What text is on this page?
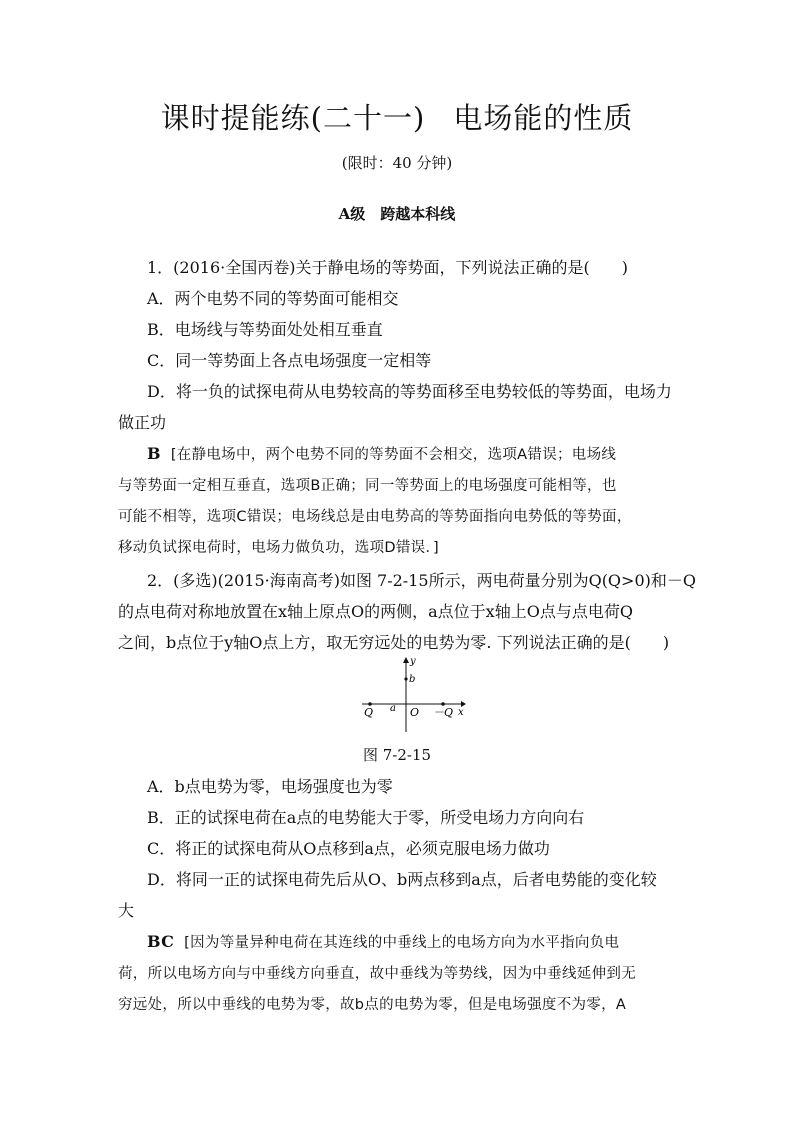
课时提能练(二十一) 电场能的性质
(限时：40 分钟)
A级　跨越本科线
1．(2016·全国丙卷)关于静电场的等势面，下列说法正确的是(　　)
A．两个电势不同的等势面可能相交
B．电场线与等势面处处相互垂直
C．同一等势面上各点电场强度一定相等
D．将一负的试探电荷从电势较高的等势面移至电势较低的等势面，电场力
做正功
B [在静电场中，两个电势不同的等势面不会相交，选项A错误；电场线
与等势面一定相互垂直，选项B正确；同一等势面上的电场强度可能相等，也
可能不相等，选项C错误；电场线总是由电势高的等势面指向电势低的等势面，
移动负试探电荷时，电场力做负功，选项D错误．]
2．(多选)(2015·海南高考)如图 7-2-15所示，两电荷量分别为Q(Q>0)和－Q
的点电荷对称地放置在x轴上原点O的两侧，a点位于x轴上O点与点电荷Q
之间，b点位于y轴O点上方，取无穷远处的电势为零. 下列说法正确的是(　　)
y
b
Q a O －Q x
图 7-2-15
A．b点电势为零，电场强度也为零
B．正的试探电荷在a点的电势能大于零，所受电场力方向向右
C．将正的试探电荷从O点移到a点，必须克服电场力做功
D．将同一正的试探电荷先后从O、b两点移到a点，后者电势能的变化较
大
BC [因为等量异种电荷在其连线的中垂线上的电场方向为水平指向负电
荷，所以电场方向与中垂线方向垂直，故中垂线为等势线，因为中垂线延伸到无
穷远处，所以中垂线的电势为零，故b点的电势为零，但是电场强度不为零，A
